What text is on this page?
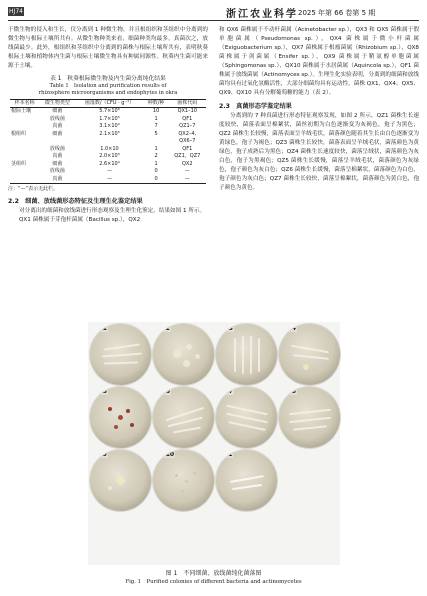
HJ74	浙江农业科学 2025 年第 66 卷第 5 期

于微生物的侵入和生长，仅分离到 1 种微生物，并且根组织和茎组织中分离到的微生物与根际土壤所共有。从微生物种类来看，细菌种类均最多，真菌次之，放线菌最少。此外，根组织和茎组织中分离到的菌株与根际土壤所共有，表明秋葵根际土壤和植物体内生菌与根际土壤微生物具有种属同源性。秋葵内生菌可能来源于土壤。

表 1　秋葵根际微生物及内生菌分离纯化结果
Table 1　Isolation and purification results of
rhizosphere microorganisms and endophytes in okra
样本名称	微生物类型	菌落数/（CFU · g⁻¹）	种数/种	菌株代码
根际土壤	细菌	5.7×10⁶	10	QX1–10
	放线菌	1.7×10⁵	1	QF1
	真菌	3.1×10⁴	7	QZ1–7
根组织	细菌	2.1×10⁵	5	QX2–4,
				QX6–7
	放线菌	1.0×10	1	QF1
	真菌	2.0×10³	2	QZ1，QZ7
茎组织	细菌	2.6×10⁴	1	QX2
	放线菌	—	0	—
	真菌	—	0	—
注：“—”表示无此栏。
2.2　细菌、放线菌形态特征及生理生化鉴定结果

对分离出的细菌和放线菌进行形态观察及生理生化鉴定，结果如图 1 所示。

QX1 菌株属于芽孢杆菌属（Bacillus sp.），QX2

和 QX6 菌株属于不动杆菌属（Acinetobacter sp.），QX3 和 QX5 菌株属于假单胞菌属（Pseudomonas sp.），QX4 菌株属于微小杆菌属（Exiguobacterium sp.），QX7 菌株属于根瘤菌属（Rhizobium sp.），QX8 菌株属于剑菌属（Ensifer sp.），QX9 菌株属于鞘氨醇单胞菌属（Sphingomonas sp.），QX10 菌株属于水居菌属（Aquincola sp.），QF1 菌株属于放线菌属（Actinomyces sp.）。生理生化实验表明，分离到的细菌和放线菌均具有过氧化氢酶活性，大部分细菌均具有运动性。菌株 QX1、QX4、QX5、QX9、QX10 具有分解葡萄糖的能力（表 2）。

2.3　真菌形态学鉴定结果

分离到的 7 种真菌进行形态特征观察发现，如图 2 所示，QZ1 菌株生长速度较快，菌落表面呈棉絮状，菌丝初期为白色逐渐变为灰褐色，孢子为黑色；QZ2 菌株生长较慢，菌落表面呈羊绒毛状，菌落颜色随着其生长由白色逐渐变为黄绿色，孢子为褐色；QZ3 菌株生长较快，菌落表面呈羊绒毛状，菌落颜色为黄绿色，孢子成熟后为黑色；QZ4 菌株生长速度较快，菌落呈绒状，菌落颜色为灰白色，孢子为黑褐色；QZ5 菌株生长缓慢，菌落呈羊绒毛状，菌落颜色为灰绿色，孢子颜色为灰白色；QZ6 菌株生长缓慢，菌落呈棉絮状，菌落颜色为白色，孢子颜色为灰白色；QZ7 菌株生长较快，菌落呈棉絮状，菌落颜色为黄白色，孢子颜色为黄色。

QX1	QX2	QX3	QX4
QX5	QX6	QX7	QX8
QX9	QX10	QF1
图 1　不同细菌、放线菌纯化菌落图
Fig. 1　Purified colonies of different bacteria and actinomycetes
